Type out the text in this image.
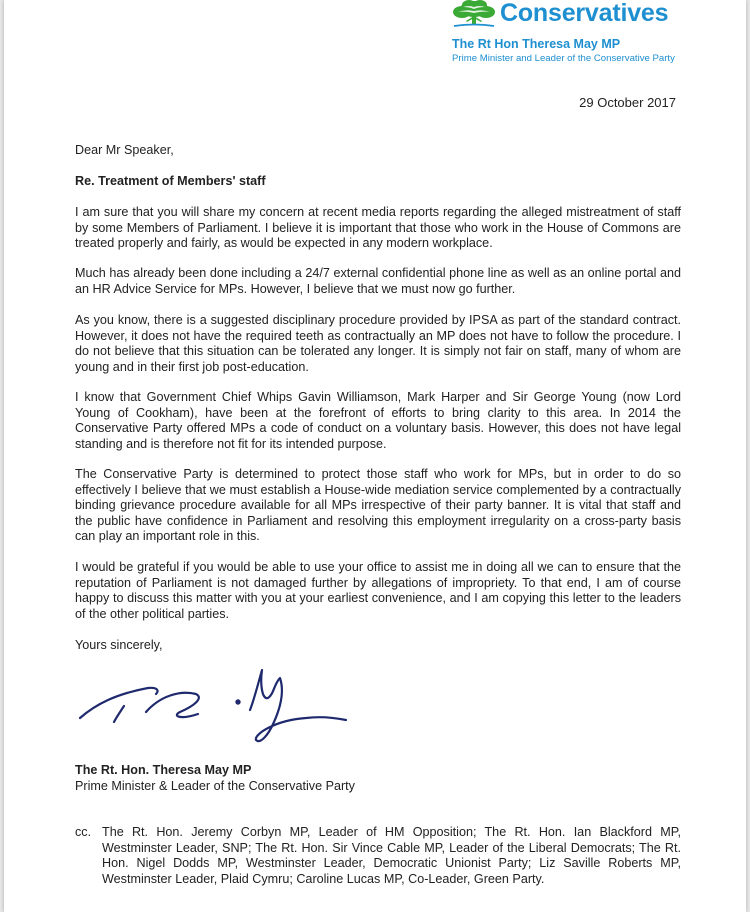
Conservatives
The Rt Hon Theresa May MP
Prime Minister and Leader of the Conservative Party
29 October 2017
Dear Mr Speaker,
Re. Treatment of Members' staff
I am sure that you will share my concern at recent media reports regarding the alleged mistreatment of staff by some Members of Parliament. I believe it is important that those who work in the House of Commons are treated properly and fairly, as would be expected in any modern workplace.
Much has already been done including a 24/7 external confidential phone line as well as an online portal and an HR Advice Service for MPs. However, I believe that we must now go further.
As you know, there is a suggested disciplinary procedure provided by IPSA as part of the standard contract. However, it does not have the required teeth as contractually an MP does not have to follow the procedure. I do not believe that this situation can be tolerated any longer. It is simply not fair on staff, many of whom are young and in their first job post-education.
I know that Government Chief Whips Gavin Williamson, Mark Harper and Sir George Young (now Lord Young of Cookham), have been at the forefront of efforts to bring clarity to this area. In 2014 the Conservative Party offered MPs a code of conduct on a voluntary basis. However, this does not have legal standing and is therefore not fit for its intended purpose.
The Conservative Party is determined to protect those staff who work for MPs, but in order to do so effectively I believe that we must establish a House-wide mediation service complemented by a contractually binding grievance procedure available for all MPs irrespective of their party banner. It is vital that staff and the public have confidence in Parliament and resolving this employment irregularity on a cross-party basis can play an important role in this.
I would be grateful if you would be able to use your office to assist me in doing all we can to ensure that the reputation of Parliament is not damaged further by allegations of impropriety. To that end, I am of course happy to discuss this matter with you at your earliest convenience, and I am copying this letter to the leaders of the other political parties.
Yours sincerely,
The Rt. Hon. Theresa May MP
Prime Minister & Leader of the Conservative Party
cc. The Rt. Hon. Jeremy Corbyn MP, Leader of HM Opposition; The Rt. Hon. Ian Blackford MP, Westminster Leader, SNP; The Rt. Hon. Sir Vince Cable MP, Leader of the Liberal Democrats; The Rt. Hon. Nigel Dodds MP, Westminster Leader, Democratic Unionist Party; Liz Saville Roberts MP, Westminster Leader, Plaid Cymru; Caroline Lucas MP, Co-Leader, Green Party.
